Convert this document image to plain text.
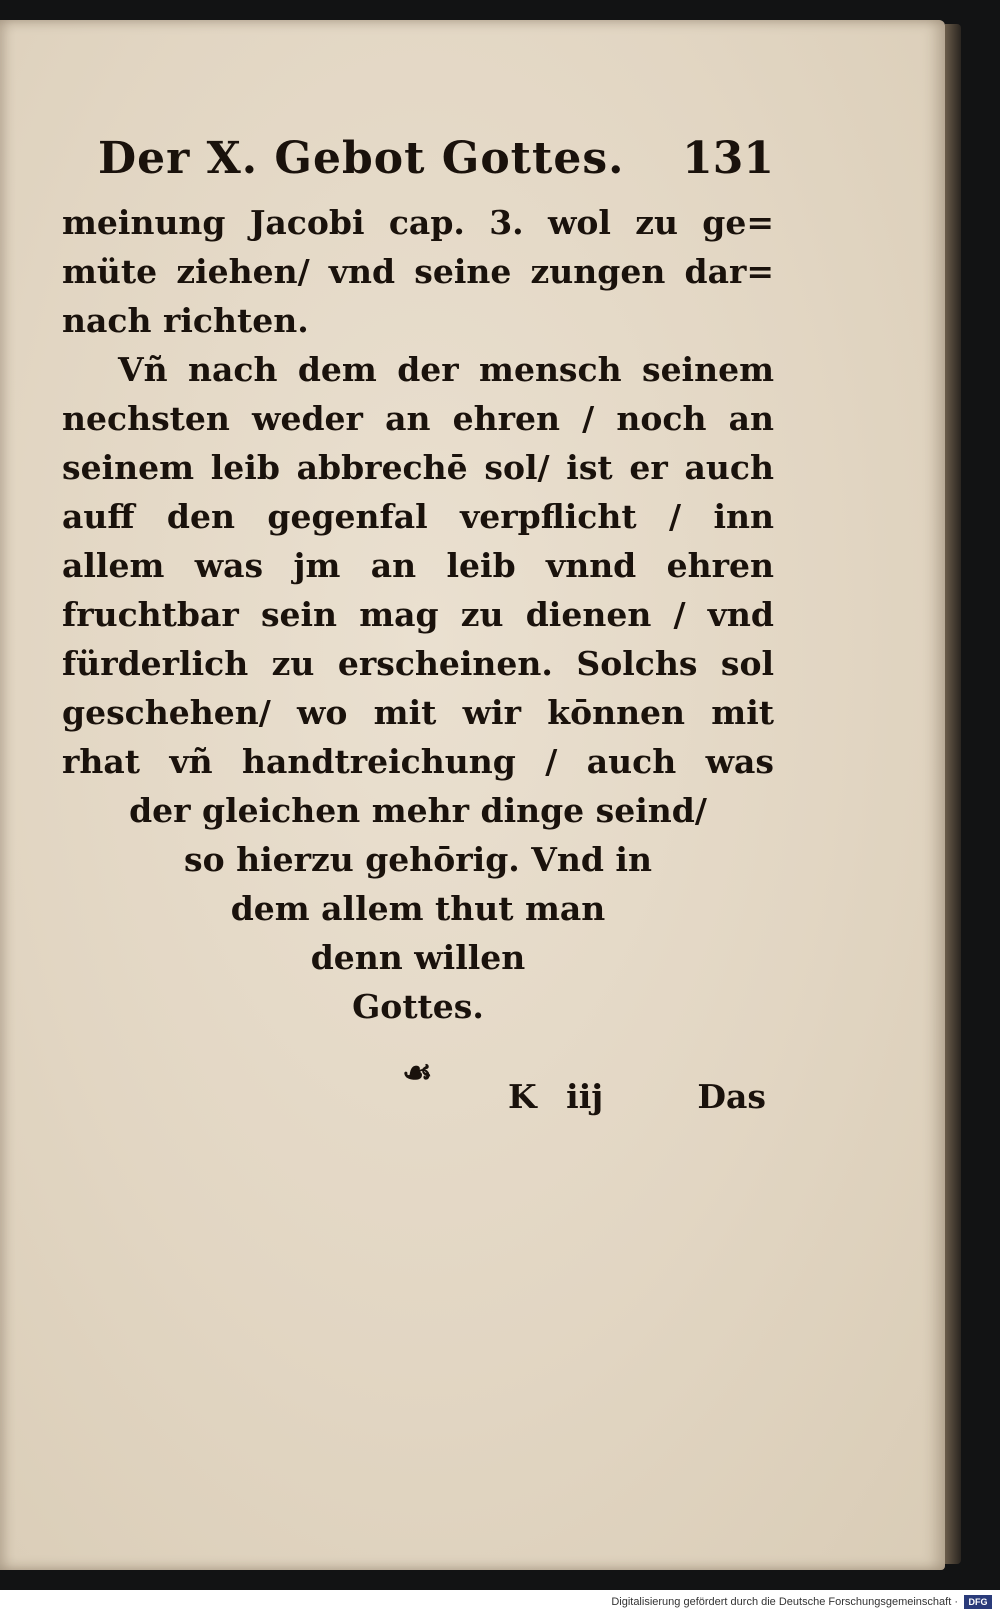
Der X. Gebot Gottes. 131
meinung Jacobi cap. 3. wol zu ge=
müte ziehen/ vnd seine zungen dar=
nach richten.
Vñ nach dem der mensch seinem
nechsten weder an ehren / noch an
seinem leib abbrechē sol/ ist er auch
auff den gegenfal verpflicht / inn
allem was jm an leib vnnd ehren
fruchtbar sein mag zu dienen / vnd
fürderlich zu erscheinen. Solchs sol
geschehen/ wo mit wir kōnnen mit
rhat vñ handtreichung / auch was
der gleichen mehr dinge seind/
so hierzu gehōrig. Vnd in
dem allem thut man
denn willen
Gottes.
☙
K iij	Das
Digitalisierung gefördert durch die Deutsche Forschungsgemeinschaft ·	DFG
